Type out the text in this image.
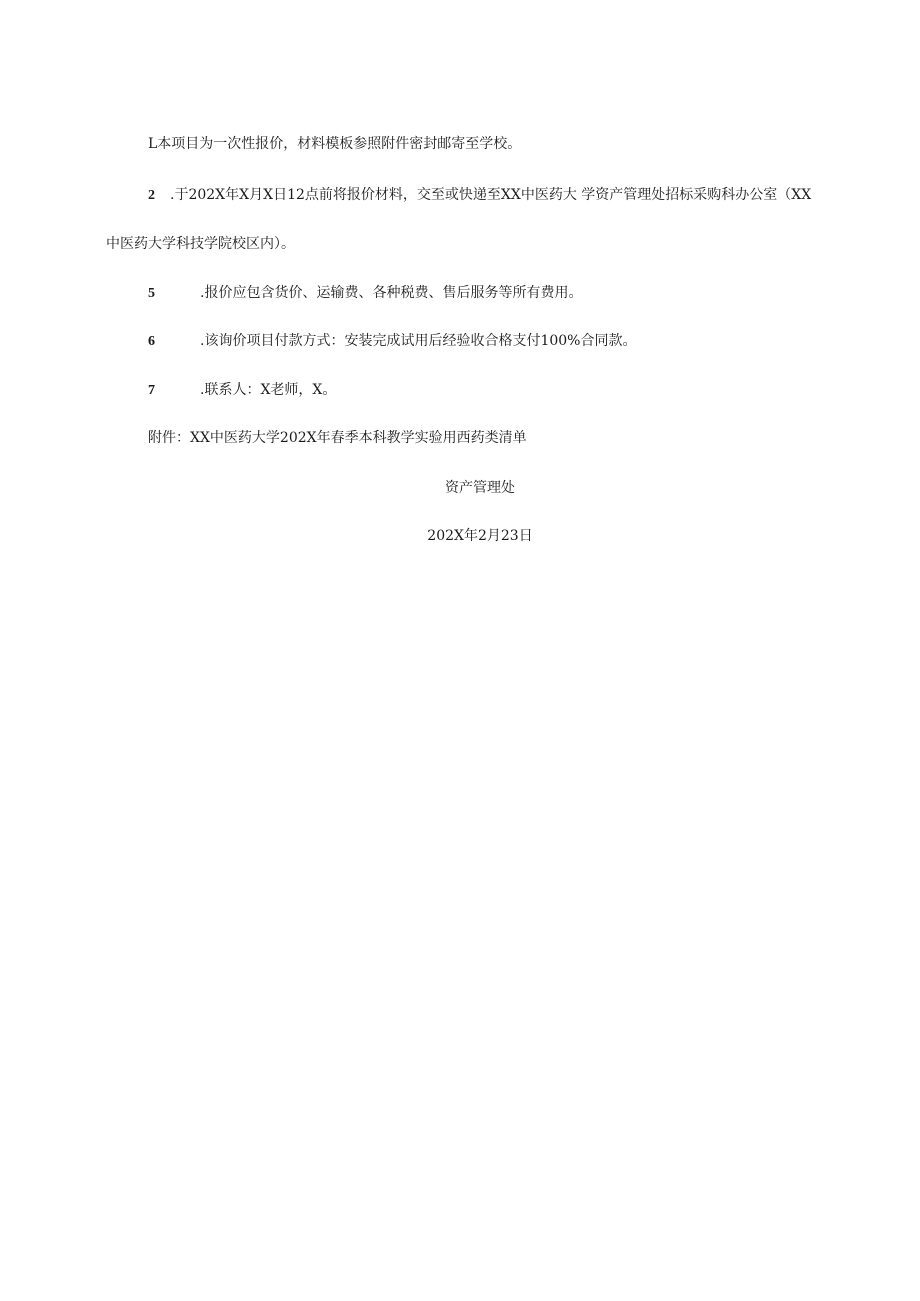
L本项目为一次性报价，材料模板参照附件密封邮寄至学校。
2 .于202X年X月X日12点前将报价材料，交至或快递至XX中医药大 学资产管理处招标采购科办公室（XX
中医药大学科技学院校区内）。
5	.报价应包含货价、运输费、各种税费、售后服务等所有费用。
6	.该询价项目付款方式：安装完成试用后经验收合格支付100%合同款。
7	.联系人：X老师，X。
附件：XX中医药大学202X年春季本科教学实验用西药类清单
资产管理处
202X年2月23日
